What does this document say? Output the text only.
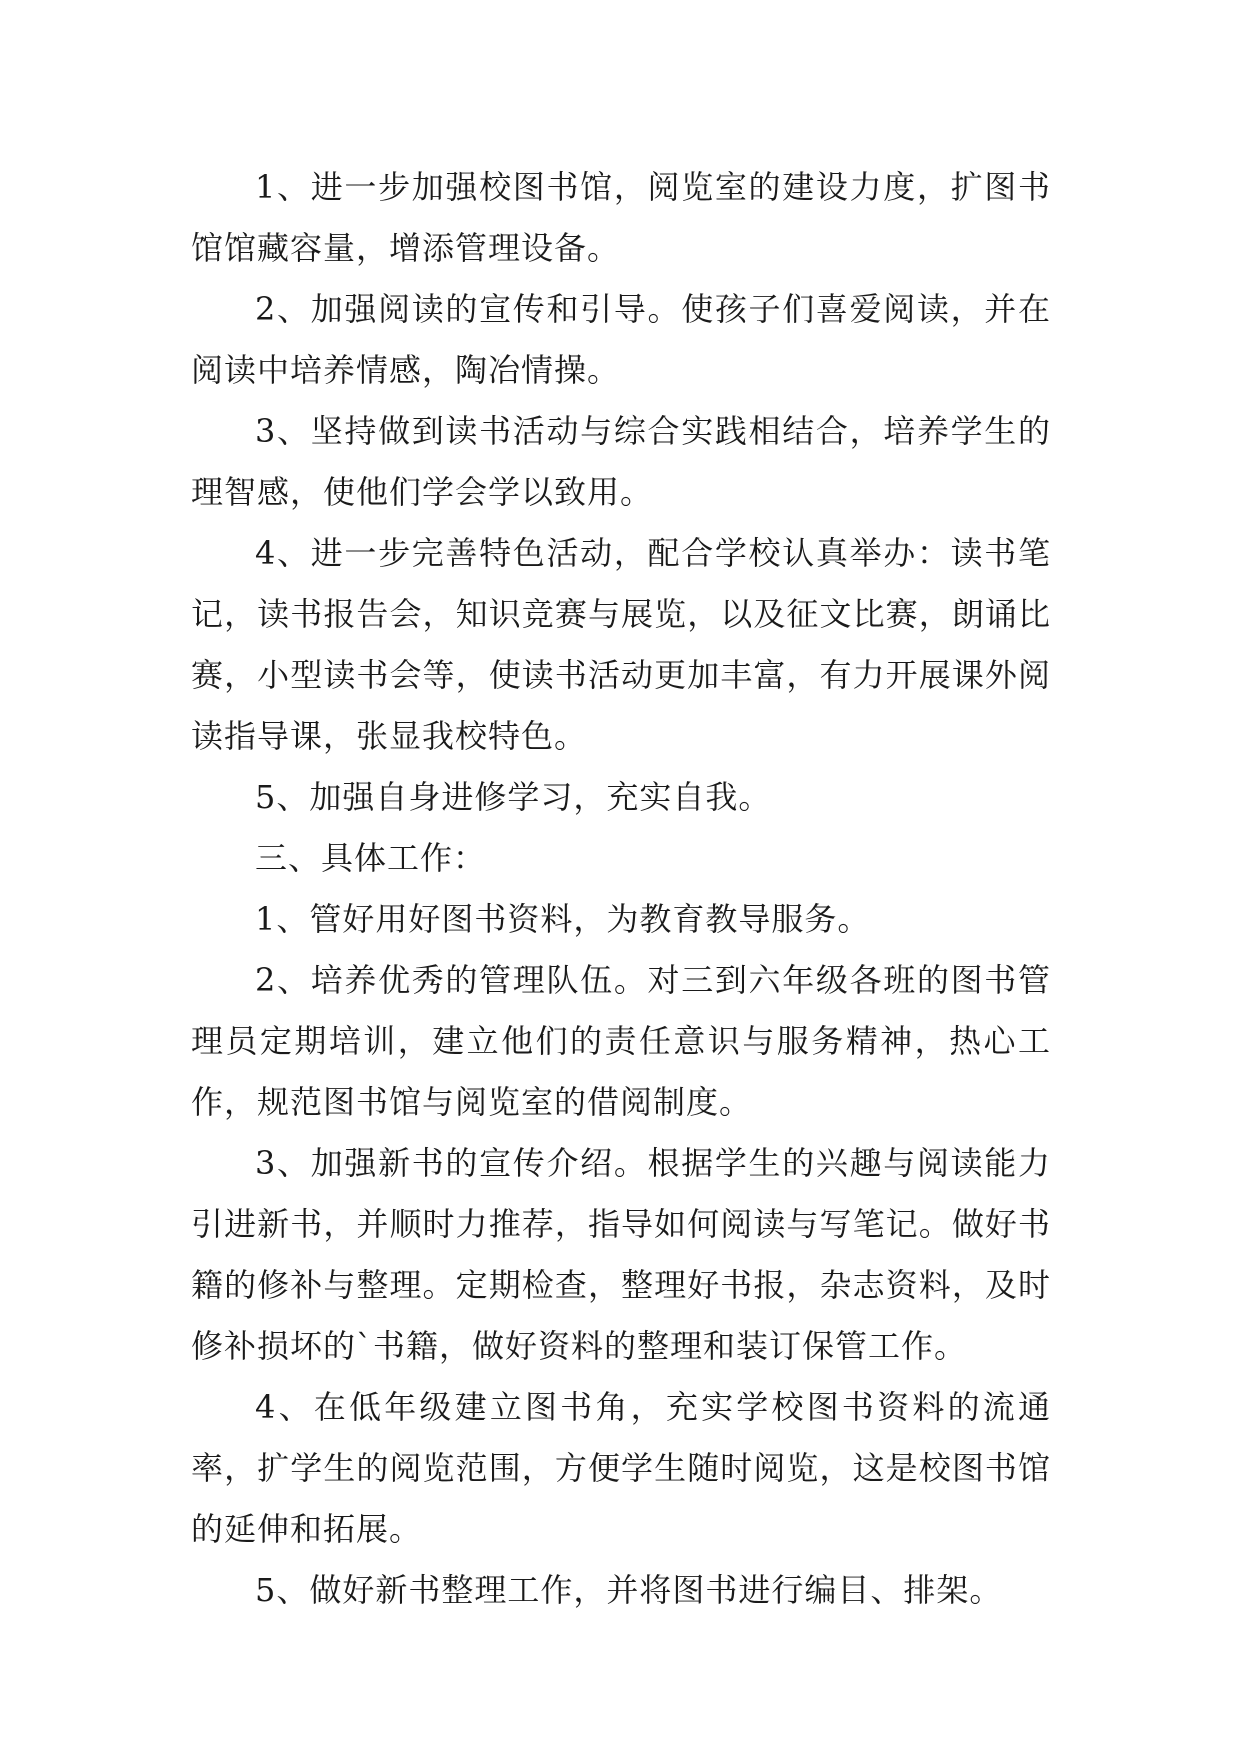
1、进一步加强校图书馆，阅览室的建设力度，扩图书馆馆藏容量，增添管理设备。

2、加强阅读的宣传和引导。使孩子们喜爱阅读，并在阅读中培养情感，陶冶情操。

3、坚持做到读书活动与综合实践相结合，培养学生的理智感，使他们学会学以致用。

4、进一步完善特色活动，配合学校认真举办：读书笔记，读书报告会，知识竞赛与展览，以及征文比赛，朗诵比赛，小型读书会等，使读书活动更加丰富，有力开展课外阅读指导课，张显我校特色。

5、加强自身进修学习，充实自我。

三、具体工作：

1、管好用好图书资料，为教育教导服务。

2、培养优秀的管理队伍。对三到六年级各班的图书管理员定期培训，建立他们的责任意识与服务精神，热心工作，规范图书馆与阅览室的借阅制度。

3、加强新书的宣传介绍。根据学生的兴趣与阅读能力引进新书，并顺时力推荐，指导如何阅读与写笔记。做好书籍的修补与整理。定期检查，整理好书报，杂志资料，及时修补损坏的`书籍，做好资料的整理和装订保管工作。

4、在低年级建立图书角，充实学校图书资料的流通率，扩学生的阅览范围，方便学生随时阅览，这是校图书馆的延伸和拓展。

5、做好新书整理工作，并将图书进行编目、排架。
